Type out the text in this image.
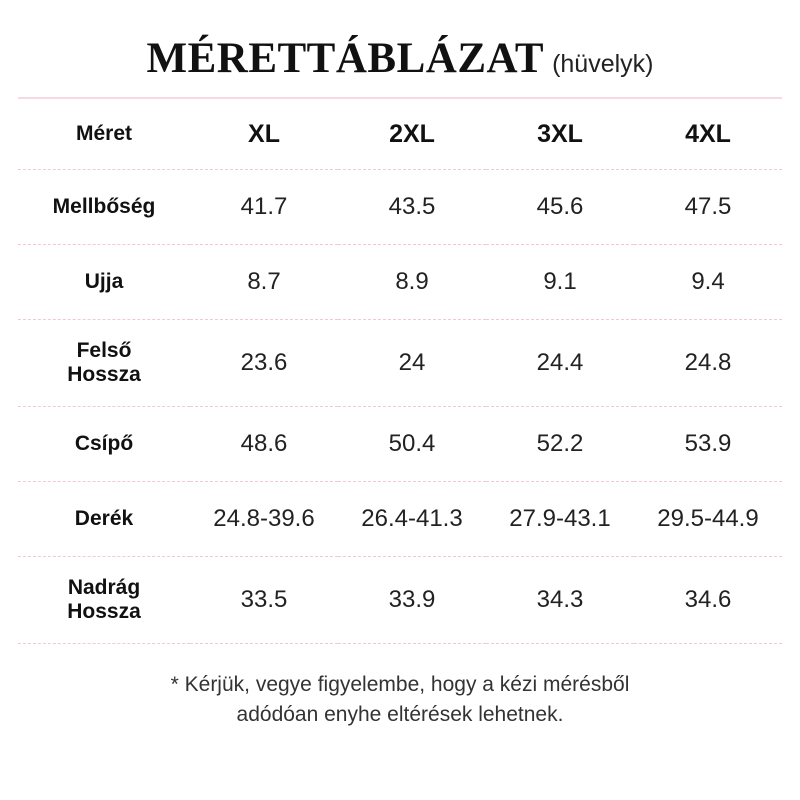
MÉRETTÁBLÁZAT (hüvelyk)
Méret	XL	2XL	3XL	4XL
Mellbőség	41.7	43.5	45.6	47.5
Ujja	8.7	8.9	9.1	9.4

Felső
Hossza	23.6	24	24.4	24.8
Csípő	48.6	50.4	52.2	53.9
Derék	24.8-39.6	26.4-41.3	27.9-43.1	29.5-44.9

Nadrág
Hossza	33.5	33.9	34.3	34.6
* Kérjük, vegye figyelembe, hogy a kézi mérésből
adódóan enyhe eltérések lehetnek.
